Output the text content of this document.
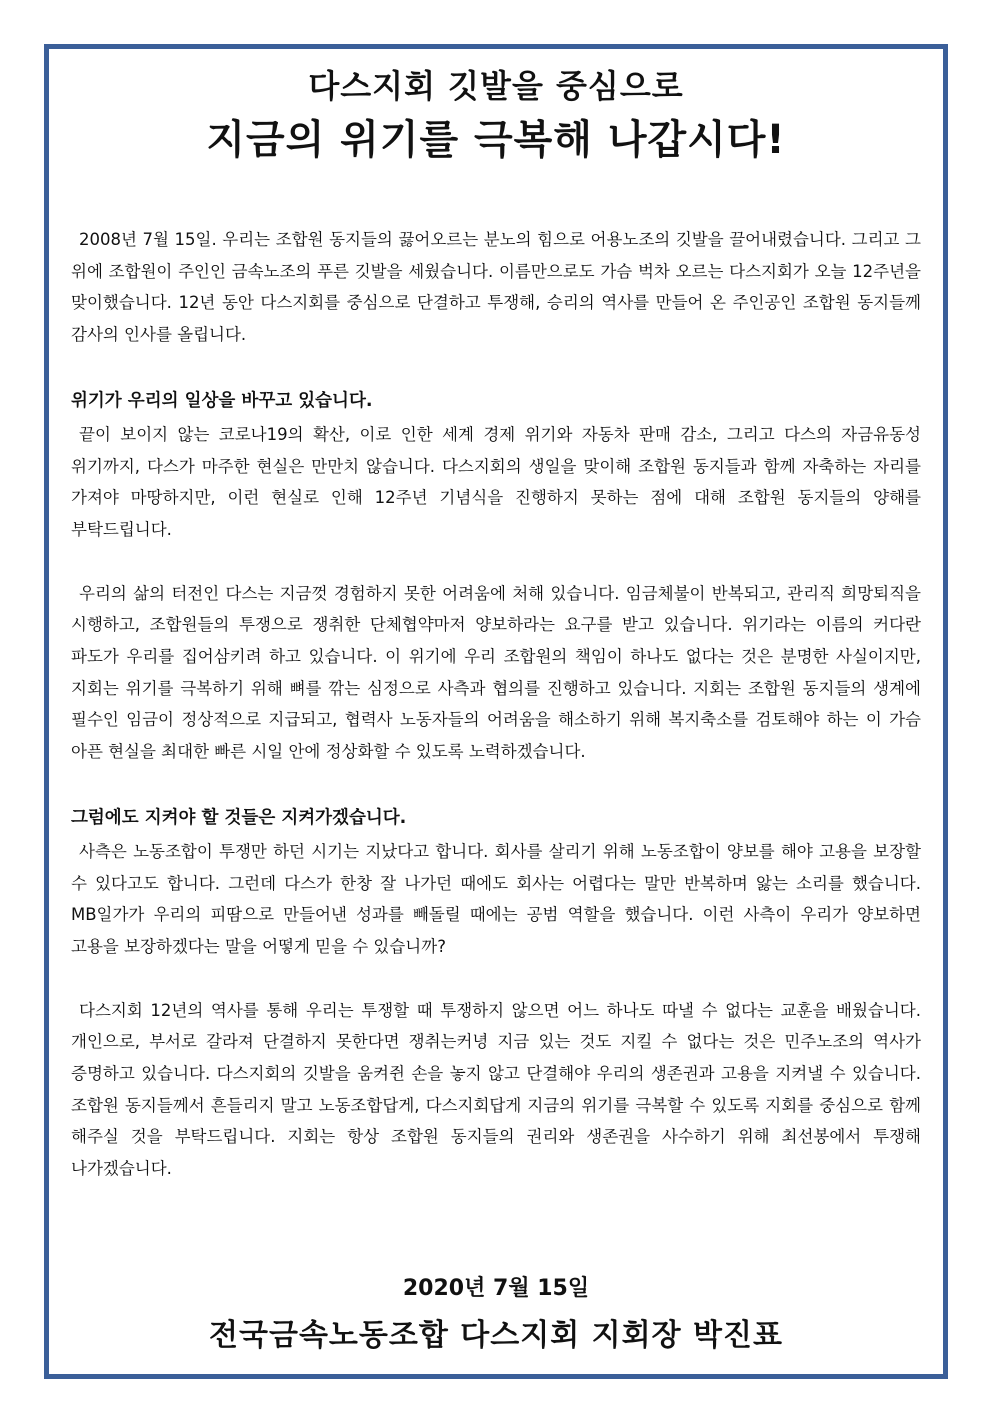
다스지회 깃발을 중심으로
지금의 위기를 극복해 나갑시다!

2008년 7월 15일. 우리는 조합원 동지들의 끓어오르는 분노의 힘으로 어용노조의 깃발을 끌어내렸습니다. 그리고 그 위에 조합원이 주인인 금속노조의 푸른 깃발을 세웠습니다. 이름만으로도 가슴 벅차 오르는 다스지회가 오늘 12주년을 맞이했습니다. 12년 동안 다스지회를 중심으로 단결하고 투쟁해, 승리의 역사를 만들어 온 주인공인 조합원 동지들께 감사의 인사를 올립니다.

위기가 우리의 일상을 바꾸고 있습니다.

끝이 보이지 않는 코로나19의 확산, 이로 인한 세계 경제 위기와 자동차 판매 감소, 그리고 다스의 자금유동성 위기까지, 다스가 마주한 현실은 만만치 않습니다. 다스지회의 생일을 맞이해 조합원 동지들과 함께 자축하는 자리를 가져야 마땅하지만, 이런 현실로 인해 12주년 기념식을 진행하지 못하는 점에 대해 조합원 동지들의 양해를 부탁드립니다.

우리의 삶의 터전인 다스는 지금껏 경험하지 못한 어려움에 처해 있습니다. 임금체불이 반복되고, 관리직 희망퇴직을 시행하고, 조합원들의 투쟁으로 쟁취한 단체협약마저 양보하라는 요구를 받고 있습니다. 위기라는 이름의 커다란 파도가 우리를 집어삼키려 하고 있습니다. 이 위기에 우리 조합원의 책임이 하나도 없다는 것은 분명한 사실이지만, 지회는 위기를 극복하기 위해 뼈를 깎는 심정으로 사측과 협의를 진행하고 있습니다. 지회는 조합원 동지들의 생계에 필수인 임금이 정상적으로 지급되고, 협력사 노동자들의 어려움을 해소하기 위해 복지축소를 검토해야 하는 이 가슴 아픈 현실을 최대한 빠른 시일 안에 정상화할 수 있도록 노력하겠습니다.

그럼에도 지켜야 할 것들은 지켜가겠습니다.

사측은 노동조합이 투쟁만 하던 시기는 지났다고 합니다. 회사를 살리기 위해 노동조합이 양보를 해야 고용을 보장할 수 있다고도 합니다. 그런데 다스가 한창 잘 나가던 때에도 회사는 어렵다는 말만 반복하며 앓는 소리를 했습니다. MB일가가 우리의 피땀으로 만들어낸 성과를 빼돌릴 때에는 공범 역할을 했습니다. 이런 사측이 우리가 양보하면 고용을 보장하겠다는 말을 어떻게 믿을 수 있습니까?

다스지회 12년의 역사를 통해 우리는 투쟁할 때 투쟁하지 않으면 어느 하나도 따낼 수 없다는 교훈을 배웠습니다. 개인으로, 부서로 갈라져 단결하지 못한다면 쟁취는커녕 지금 있는 것도 지킬 수 없다는 것은 민주노조의 역사가 증명하고 있습니다. 다스지회의 깃발을 움켜쥔 손을 놓지 않고 단결해야 우리의 생존권과 고용을 지켜낼 수 있습니다. 조합원 동지들께서 흔들리지 말고 노동조합답게, 다스지회답게 지금의 위기를 극복할 수 있도록 지회를 중심으로 함께 해주실 것을 부탁드립니다. 지회는 항상 조합원 동지들의 권리와 생존권을 사수하기 위해 최선봉에서 투쟁해 나가겠습니다.

2020년 7월 15일

전국금속노동조합 다스지회 지회장 박진표
